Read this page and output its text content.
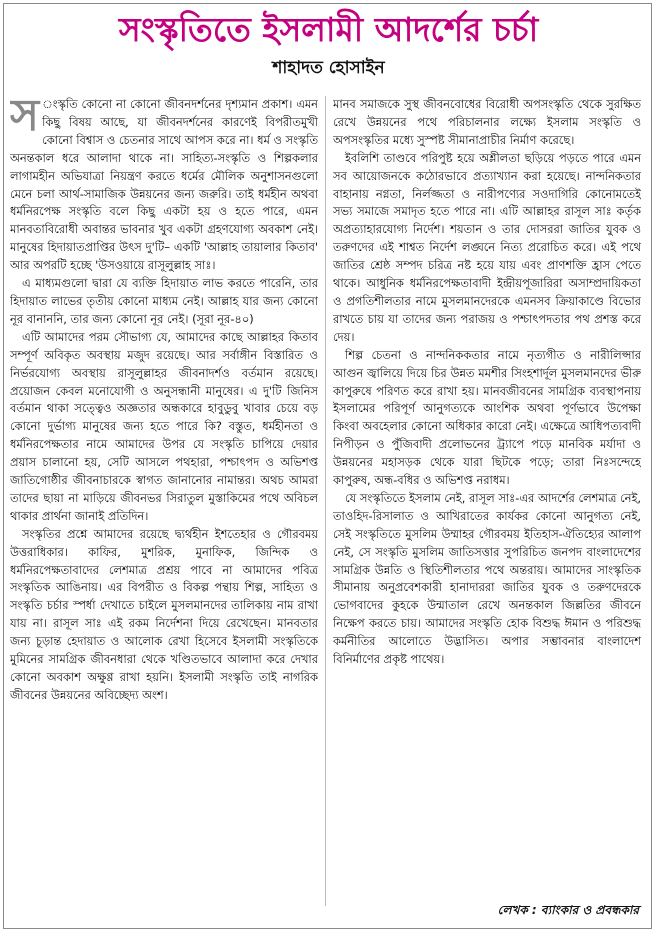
সংস্কৃতিতে ইসলামী আদর্শের চর্চা
শাহাদত হোসাইন

স ংস্কৃতি কোনো না কোনো জীবনদর্শনের দৃশ্যমান প্রকাশ। এমন কিছু বিষয় আছে, যা জীবনদর্শনের কারণেই বিপরীতমুখী কোনো বিশ্বাস ও চেতনার সাথে আপস করে না। ধর্ম ও সংস্কৃতি অনন্তকাল ধরে আলাদা থাকে না। সাহিত্য-সংস্কৃতি ও শিল্পকলার লাগামহীন অভিযাত্রা নিয়ন্ত্রণ করতে ধর্মের মৌলিক অনুশাসনগুলো মেনে চলা আর্থ-সামাজিক উন্নয়নের জন্য জরুরি। তাই ধর্মহীন অথবা ধর্মনিরপেক্ষ সংস্কৃতি বলে কিছু একটা হয় ও হতে পারে, এমন মানবতাবিরোধী অবান্তর ভাবনার খুব একটা গ্রহণযোগ্য অবকাশ নেই। মানুষের হিদায়াতপ্রাপ্তির উৎস দু'টি– একটি 'আল্লাহ তায়ালার কিতাব' আর অপরটি হচ্ছে 'উসওয়ায়ে রাসূলুল্লাহ সাঃ।

এ মাধ্যমগুলো দ্বারা যে ব্যক্তি হিদায়াত লাভ করতে পারেনি, তার হিদায়াত লাভের তৃতীয় কোনো মাধ্যম নেই। আল্লাহ যার জন্য কোনো নূর বানাননি, তার জন্য কোনো নূর নেই। (সূরা নূর-৪০)

এটি আমাদের পরম সৌভাগ্য যে, আমাদের কাছে আল্লাহর কিতাব সম্পূর্ণ অবিকৃত অবস্থায় মজুদ রয়েছে। আর সর্বাঙ্গীন বিস্তারিত ও নির্ভরযোগ্য অবস্থায় রাসূলুল্লাহর জীবনাদর্শও বর্তমান রয়েছে। প্রয়োজন কেবল মনোযোগী ও অনুসন্ধানী মানুষের। এ দু'টি জিনিস বর্তমান থাকা সত্ত্বেও অজ্ঞতার অন্ধকারে হাবুডুবু খাবার চেয়ে বড় কোনো দুর্ভাগ্য মানুষের জন্য হতে পারে কি? বস্তুত, ধর্মহীনতা ও ধর্মনিরপেক্ষতার নামে আমাদের উপর যে সংস্কৃতি চাপিয়ে দেয়ার প্রয়াস চালানো হয়, সেটি আসলে পথহারা, পশ্চাৎপদ ও অভিশপ্ত জাতিগোষ্ঠীর জীবনাচারকে স্বাগত জানানোর নামান্তর। অথচ আমরা তাদের ছায়া না মাড়িয়ে জীবনভর সিরাতুল মুস্তাকিমের পথে অবিচল থাকার প্রার্থনা জানাই প্রতিদিন।

সংস্কৃতির প্রশ্নে আমাদের রয়েছে দ্ব্যর্থহীন ইশতেহার ও গৌরবময় উত্তরাধিকার। কাফির, মুশরিক, মুনাফিক, জিন্দিক ও ধর্মনিরপেক্ষতাবাদের লেশমাত্র প্রশ্রয় পাবে না আমাদের পবিত্র সংস্কৃতিক আঙিনায়। এর বিপরীত ও বিকল্প পন্থায় শিল্প, সাহিত্য ও সংস্কৃতি চর্চার স্পর্ধা দেখাতে চাইলে মুসলমানদের তালিকায় নাম রাখা যায় না। রাসূল সাঃ এই রকম নির্দেশনা দিয়ে রেখেছেন। মানবতার জন্য চূড়ান্ত হেদায়াত ও আলোক রেখা হিসেবে ইসলামী সংস্কৃতিকে মুমিনের সামগ্রিক জীবনধারা থেকে খণ্ডিতভাবে আলাদা করে দেখার কোনো অবকাশ অক্ষুণ্ণ রাখা হয়নি। ইসলামী সংস্কৃতি তাই নাগরিক জীবনের উন্নয়নের অবিচ্ছেদ্য অংশ।

মানব সমাজকে সুস্থ জীবনবোধের বিরোধী অপসংস্কৃতি থেকে সুরক্ষিত রেখে উন্নয়নের পথে পরিচালনার লক্ষ্যে ইসলাম সংস্কৃতি ও অপসংস্কৃতির মধ্যে সুস্পষ্ট সীমানাপ্রাচীর নির্মাণ করেছে।

ইবলিশি তাণ্ডবে পরিপুষ্ট হয়ে অশ্লীলতা ছড়িয়ে পড়তে পারে এমন সব আয়োজনকে কঠোরভাবে প্রত্যাখ্যান করা হয়েছে। নান্দনিকতার বাহানায় নগ্নতা, নির্লজ্জতা ও নারীপণ্যের সওদাগিরি কোনোমতেই সভ্য সমাজে সমাদৃত হতে পারে না। এটি আল্লাহর রাসূল সাঃ কর্তৃক অপ্রত্যাহারযোগ্য নির্দেশ। শয়তান ও তার দোসররা জাতির যুবক ও তরুণদের এই শাশ্বত নির্দেশ লঙ্ঘনে নিত্য প্ররোচিত করে। এই পথে জাতির শ্রেষ্ঠ সম্পদ চরিত্র নষ্ট হয়ে যায় এবং প্রাণশক্তি হ্রাস পেতে থাকে। আধুনিক ধর্মনিরপেক্ষতাবাদী ইন্দ্রীয়পূজারিরা অসাম্প্রদায়িকতা ও প্রগতিশীলতার নামে মুসলমানদেরকে এমনসব ক্রিয়াকাণ্ডে বিভোর রাখতে চায় যা তাদের জন্য পরাজয় ও পশ্চাৎপদতার পথ প্রশস্ত করে দেয়।

শিল্প চেতনা ও নান্দনিককতার নামে নৃত্যগীত ও নারীলিপ্সার আগুন জ্বালিয়ে দিয়ে চির উন্নত মমশীর সিংহশার্দূল মুসলমানদের ভীরু কাপুরুষে পরিণত করে রাখা হয়। মানবজীবনের সামগ্রিক ব্যবস্থাপনায় ইসলামের পরিপূর্ণ আনুগত্যকে আংশিক অথবা পূর্ণভাবে উপেক্ষা কিংবা অবহেলার কোনো অধিকার কারো নেই। এক্ষেত্রে আধিপত্যবাদী নিপীড়ন ও পুঁজিবাদী প্রলোভনের ট্র্যাপে পড়ে মানবিক মর্যাদা ও উন্নয়নের মহাসড়ক থেকে যারা ছিটকে পড়ে; তারা নিঃসন্দেহে কাপুরুষ, অন্ধ-বধির ও অভিশপ্ত নরাধম।

যে সংস্কৃতিতে ইসলাম নেই, রাসূল সাঃ-এর আদর্শের লেশমাত্র নেই, তাওহিদ-রিসালাত ও আখিরাতের কার্যকর কোনো আনুগত্য নেই, সেই সংস্কৃতিতে মুসলিম উম্মাহর গৌরবময় ইতিহাস-ঐতিহ্যের আলাপ নেই, সে সংস্কৃতি মুসলিম জাতিসত্তার সুপরিচিত জনপদ বাংলাদেশের সামগ্রিক উন্নতি ও স্থিতিশীলতার পথে অন্তরায়। আমাদের সাংস্কৃতিক সীমানায় অনুপ্রবেশকারী হানাদাররা জাতির যুবক ও তরুণদেরকে ভোগবাদের কুহকে উন্মাতাল রেখে অনন্তকাল জিল্লতির জীবনে নিক্ষেপ করতে চায়। আমাদের সংস্কৃতি হোক বিশুদ্ধ ঈমান ও পরিশুদ্ধ কর্মনীতির আলোতে উদ্ভাসিত। অপার সম্ভাবনার বাংলাদেশ বিনির্মাণের প্রকৃষ্ট পাথেয়।

লেখক : ব্যাংকার ও প্রবন্ধকার
